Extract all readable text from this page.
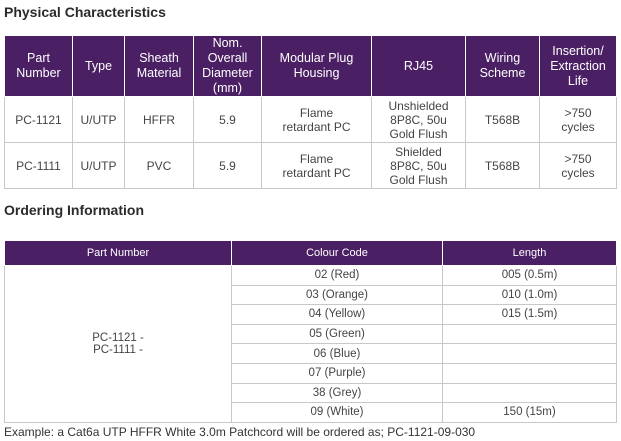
Physical Characteristics
Part
Number	Type	Sheath
Material	Nom.
Overall
Diameter
(mm)	Modular Plug
Housing	RJ45	Wiring
Scheme	Insertion/
Extraction
Life
PC-1121	U/UTP	HFFR	5.9	Flame
retardant PC	Unshielded
8P8C, 50u
Gold Flush	T568B	>750
cycles
PC-1111	U/UTP	PVC	5.9	Flame
retardant PC	Shielded
8P8C, 50u
Gold Flush	T568B	>750
cycles
Ordering Information
Part Number	Colour Code	Length
PC-1121 -
PC-1111 -	02 (Red)	005 (0.5m)
	03 (Orange)	010 (1.0m)
	04 (Yellow)	015 (1.5m)
	05 (Green)	
	06 (Blue)	
	07 (Purple)	
	38 (Grey)	
	09 (White)	150 (15m)
Example: a Cat6a UTP HFFR White 3.0m Patchcord will be ordered as; PC-1121-09-030
